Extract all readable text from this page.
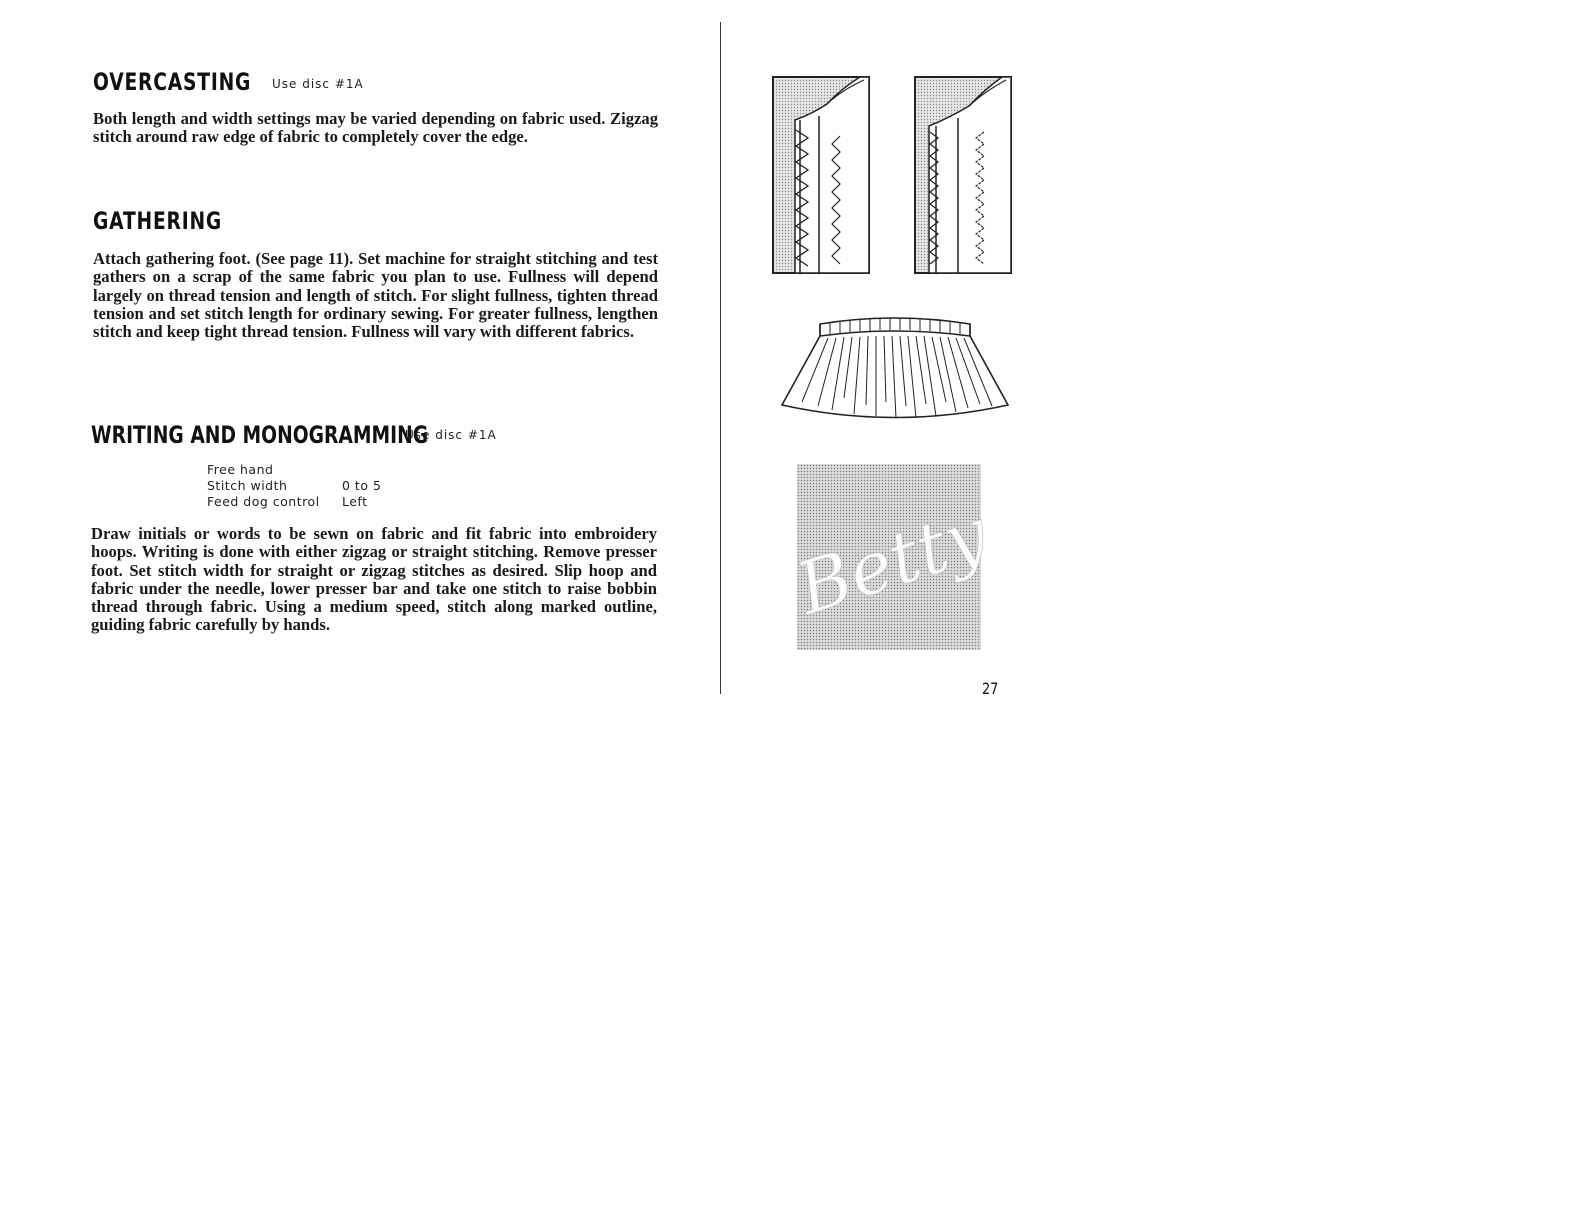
OVERCASTING Use disc #1A
Both length and width settings may be varied depending on fabric used. Zigzag stitch around raw edge of fabric to completely cover the edge.
GATHERING
Attach gathering foot. (See page 11). Set machine for straight stitching and test gathers on a scrap of the same fabric you plan to use. Fullness will depend largely on thread tension and length of stitch. For slight fullness, tighten thread tension and set stitch length for ordinary sewing. For greater fullness, lengthen stitch and keep tight thread tension. Fullness will vary with different fabrics.
WRITING AND MONOGRAMMING
Use disc #1A
Free hand
Stitch width	0 to 5
Feed dog control	Left
Draw initials or words to be sewn on fabric and fit fabric into embroidery hoops. Writing is done with either zigzag or straight stitching. Remove presser foot. Set stitch width for straight or zigzag stitches as desired. Slip hoop and fabric under the needle, lower presser bar and take one stitch to raise bobbin thread through fabric. Using a medium speed, stitch along marked outline, guiding fabric carefully by hands.	Betty
27
